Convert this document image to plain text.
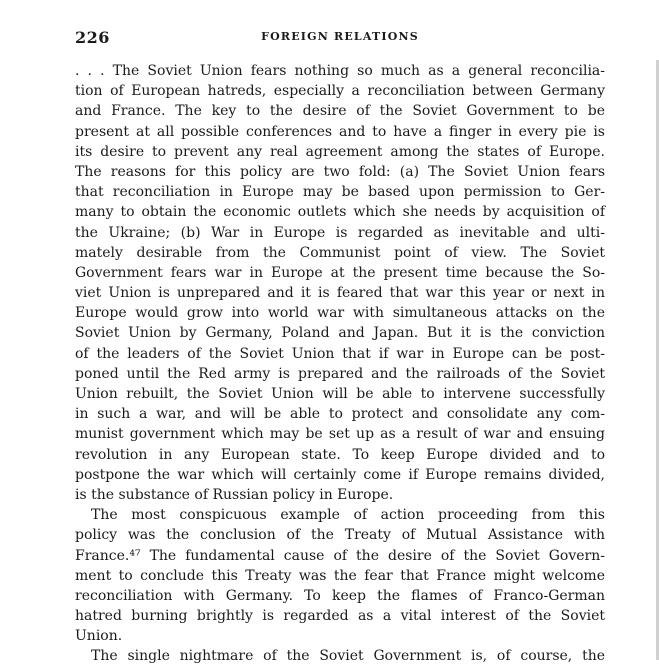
226	FOREIGN RELATIONS
. . . The Soviet Union fears nothing so much as a general reconcilia-
tion of European hatreds, especially a reconciliation between Germany
and France. The key to the desire of the Soviet Government to be
present at all possible conferences and to have a finger in every pie is
its desire to prevent any real agreement among the states of Europe.
The reasons for this policy are two fold: (a) The Soviet Union fears
that reconciliation in Europe may be based upon permission to Ger-
many to obtain the economic outlets which she needs by acquisition of
the Ukraine; (b) War in Europe is regarded as inevitable and ulti-
mately desirable from the Communist point of view. The Soviet
Government fears war in Europe at the present time because the So-
viet Union is unprepared and it is feared that war this year or next in
Europe would grow into world war with simultaneous attacks on the
Soviet Union by Germany, Poland and Japan. But it is the conviction
of the leaders of the Soviet Union that if war in Europe can be post-
poned until the Red army is prepared and the railroads of the Soviet
Union rebuilt, the Soviet Union will be able to intervene successfully
in such a war, and will be able to protect and consolidate any com-
munist government which may be set up as a result of war and ensuing
revolution in any European state. To keep Europe divided and to
postpone the war which will certainly come if Europe remains divided,
is the substance of Russian policy in Europe.
The most conspicuous example of action proceeding from this
policy was the conclusion of the Treaty of Mutual Assistance with
France.⁴⁷ The fundamental cause of the desire of the Soviet Govern-
ment to conclude this Treaty was the fear that France might welcome
reconciliation with Germany. To keep the flames of Franco-German
hatred burning brightly is regarded as a vital interest of the Soviet
Union.
The single nightmare of the Soviet Government is, of course, the
